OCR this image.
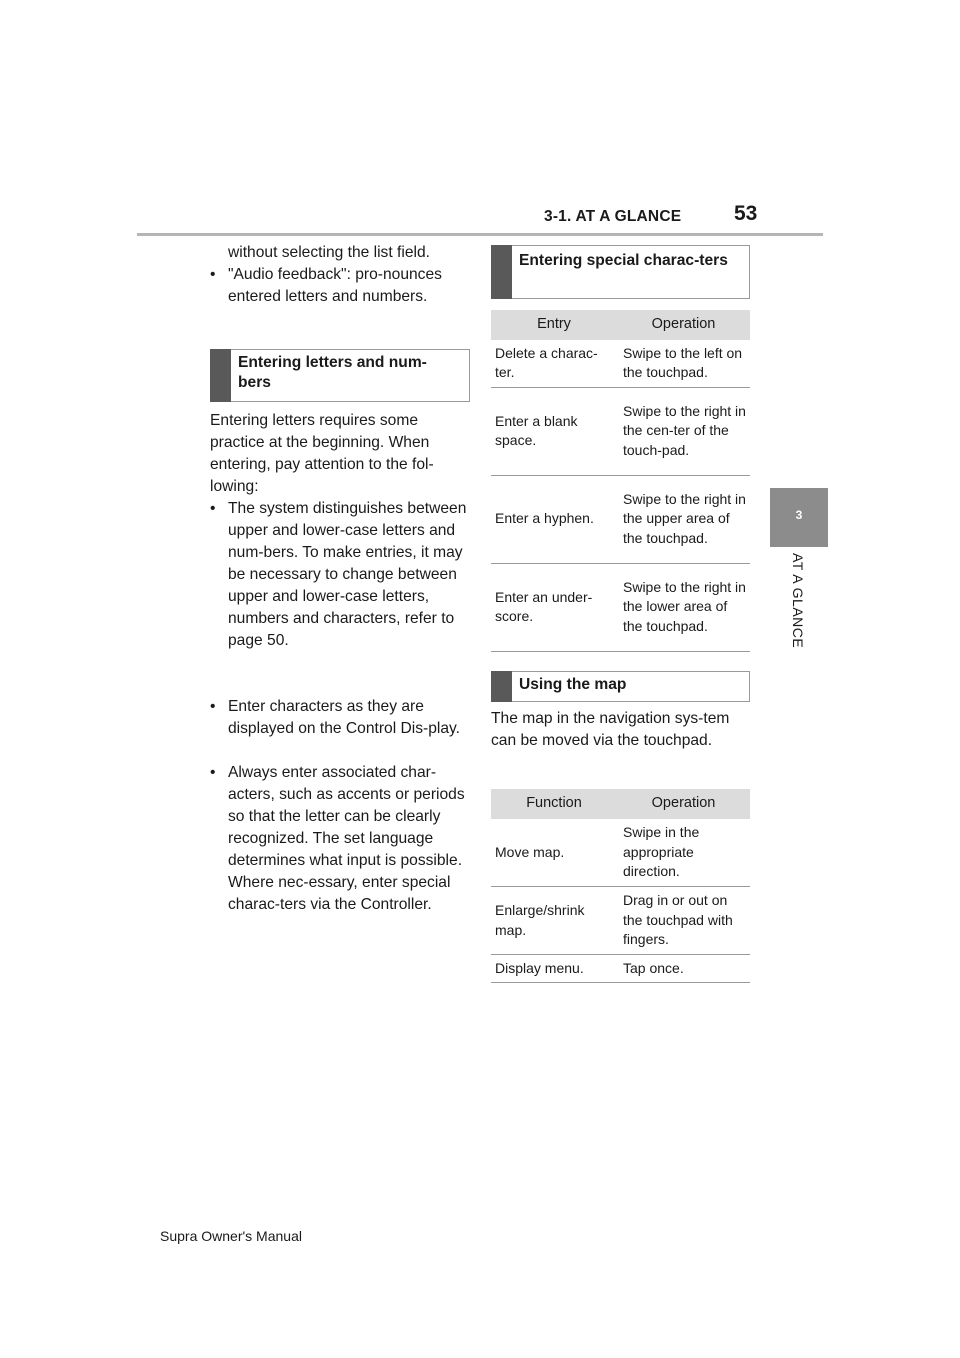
3-1. AT A GLANCE	53
3
AT A GLANCE
without selecting the list field.
• "Audio feedback": pro-nounces entered letters and numbers.
Entering letters and num-bers
Entering letters requires some practice at the beginning. When entering, pay attention to the fol-lowing:
• The system distinguishes between upper and lower-case letters and num-bers. To make entries, it may be necessary to change between upper and lower-case letters, numbers and characters, refer to page 50.
• Enter characters as they are displayed on the Control Dis-play.
• Always enter associated char-acters, such as accents or periods so that the letter can be clearly recognized. The set language determines what input is possible. Where nec-essary, enter special charac-ters via the Controller.
Entering special charac-ters
Entry	Operation
Delete a charac-ter.	Swipe to the left on the touchpad.
Enter a blank space.	Swipe to the right in the cen-ter of the touch-pad.
Enter a hyphen.	Swipe to the right in the upper area of the touchpad.
Enter an under-score.	Swipe to the right in the lower area of the touchpad.
Using the map
The map in the navigation sys-tem can be moved via the touchpad.
Function	Operation
Move map.	Swipe in the appropriate direction.
Enlarge/shrink map.	Drag in or out on the touchpad with fingers.
Display menu.	Tap once.
Supra Owner's Manual
